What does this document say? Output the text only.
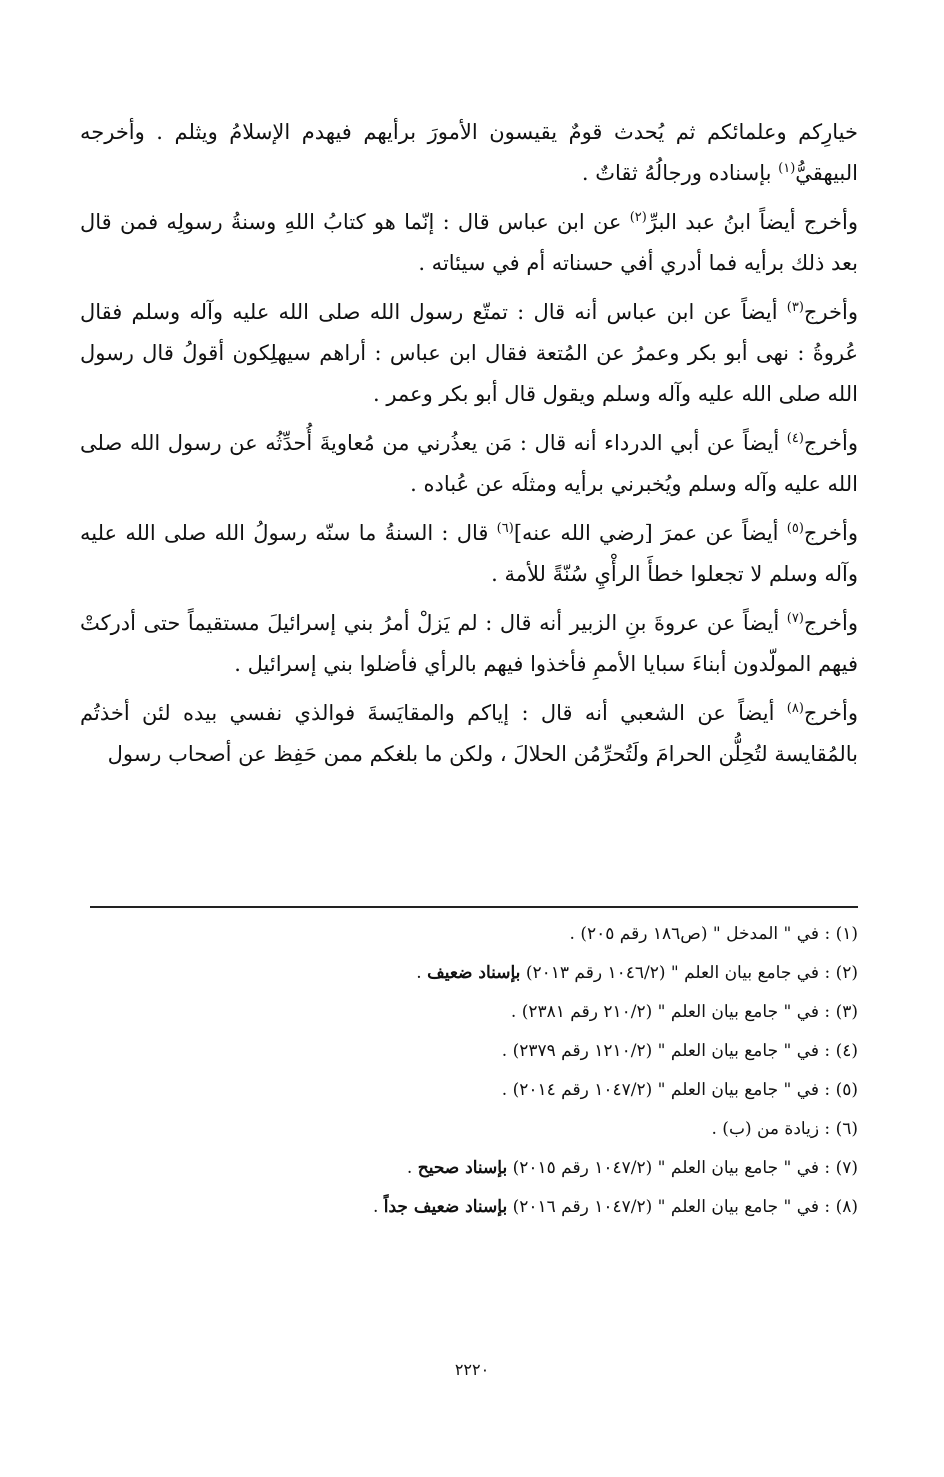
خيارِكم وعلمائكم ثم يُحدث قومٌ يقيسون الأمورَ برأيهم فيهدم الإسلامُ ويثلم . وأخرجه البيهقيُّ$^{(١)}$ بإسناده ورجالُهُ ثقاتٌ .

وأخرج أيضاً ابنُ عبد البرِّ$^{(٢)}$ عن ابن عباس قال : إنّما هو كتابُ اللهِ وسنةُ رسولِه فمن قال بعد ذلك برأيه فما أدري أفي حسناته أم في سيئاته .

وأخرج$^{(٣)}$ أيضاً عن ابن عباس أنه قال : تمتّع رسول الله صلى الله عليه وآله وسلم فقال عُروةُ : نهى أبو بكر وعمرُ عن المُتعة فقال ابن عباس : أراهم سيهلِكون أقولُ قال رسول الله صلى الله عليه وآله وسلم ويقول قال أبو بكر وعمر .

وأخرج$^{(٤)}$ أيضاً عن أبي الدرداء أنه قال : مَن يعذُرني من مُعاويةَ أُحدِّثُه عن رسول الله صلى الله عليه وآله وسلم ويُخبرني برأيه ومثلَه عن عُباده .

وأخرج$^{(٥)}$ أيضاً عن عمرَ [رضي الله عنه]$^{(٦)}$ قال : السنةُ ما سنّه رسولُ الله صلى الله عليه وآله وسلم لا تجعلوا خطأَ الرأْيِ سُنّةً للأمة .

وأخرج$^{(٧)}$ أيضاً عن عروةَ بنِ الزبير أنه قال : لم يَزلْ أمرُ بني إسرائيلَ مستقيماً حتى أدركتْ فيهم المولّدون أبناءَ سبايا الأممِ فأخذوا فيهم بالرأي فأضلوا بني إسرائيل .

وأخرج$^{(٨)}$ أيضاً عن الشعبي أنه قال : إياكم والمقايَسةَ فوالذي نفسي بيده لئن أخذتُم بالمُقايسة لتُحِلُّن الحرامَ ولَتُحرِّمُن الحلالَ ، ولكن ما بلغكم ممن حَفِظ عن أصحاب رسول

(١) : في " المدخل " (ص١٨٦ رقم ٢٠٥) .
(٢) : في جامع بيان العلم " (١٠٤٦/٢ رقم ٢٠١٣) بإسناد ضعيف .
(٣) : في " جامع بيان العلم " (٢١٠/٢ رقم ٢٣٨١) .
(٤) : في " جامع بيان العلم " (١٢١٠/٢ رقم ٢٣٧٩) .
(٥) : في " جامع بيان العلم " (١٠٤٧/٢ رقم ٢٠١٤) .
(٦) : زيادة من (ب) .
(٧) : في " جامع بيان العلم " (١٠٤٧/٢ رقم ٢٠١٥) بإسناد صحيح .
(٨) : في " جامع بيان العلم " (١٠٤٧/٢ رقم ٢٠١٦) بإسناد ضعيف جداً .
٢٢٢٠
